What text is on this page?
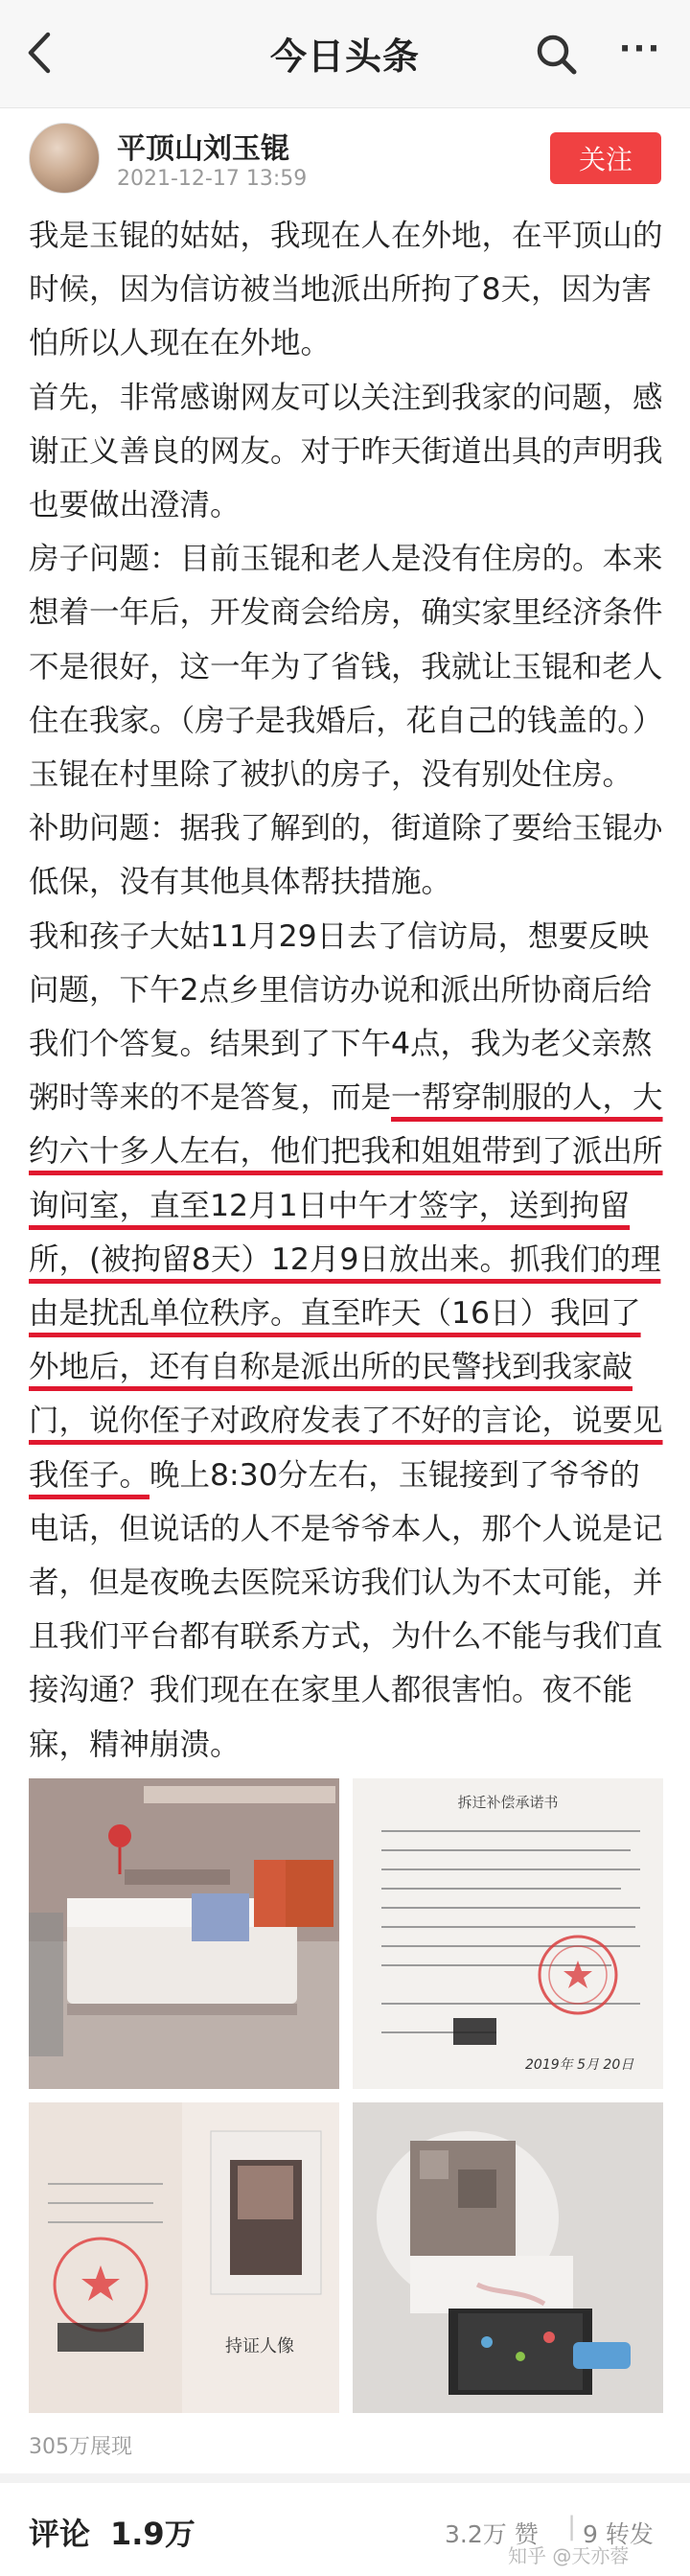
今日头条	···
平顶山刘玉锟
2021-12-17 13:59
关注

我是玉锟的姑姑，我现在人在外地，在平顶山的时候，因为信访被当地派出所拘了8天，因为害怕所以人现在在外地。

首先，非常感谢网友可以关注到我家的问题，感谢正义善良的网友。对于昨天街道出具的声明我也要做出澄清。

房子问题：目前玉锟和老人是没有住房的。本来想着一年后，开发商会给房，确实家里经济条件不是很好，这一年为了省钱，我就让玉锟和老人住在我家。（房子是我婚后，花自己的钱盖的。）玉锟在村里除了被扒的房子，没有别处住房。

补助问题：据我了解到的，街道除了要给玉锟办低保，没有其他具体帮扶措施。

我和孩子大姑11月29日去了信访局，想要反映问题，下午2点乡里信访办说和派出所协商后给我们个答复。结果到了下午4点，我为老父亲熬粥时等来的不是答复，而是一帮穿制服的人，大约六十多人左右，他们把我和姐姐带到了派出所询问室，直至12月1日中午才签字，送到拘留所，(被拘留8天）12月9日放出来。抓我们的理由是扰乱单位秩序。直至昨天（16日）我回了外地后，还有自称是派出所的民警找到我家敲门，说你侄子对政府发表了不好的言论，说要见我侄子。晚上8:30分左右，玉锟接到了爷爷的电话，但说话的人不是爷爷本人，那个人说是记者，但是夜晚去医院采访我们认为不太可能，并且我们平台都有联系方式，为什么不能与我们直接沟通？我们现在在家里人都很害怕。夜不能寐，精神崩溃。

拆迁补偿承诺书
2019年 5月 20日
持证人像
305万展现
评论 1.9万	3.2万 赞 | 9 转发
知乎 @天亦蓉
